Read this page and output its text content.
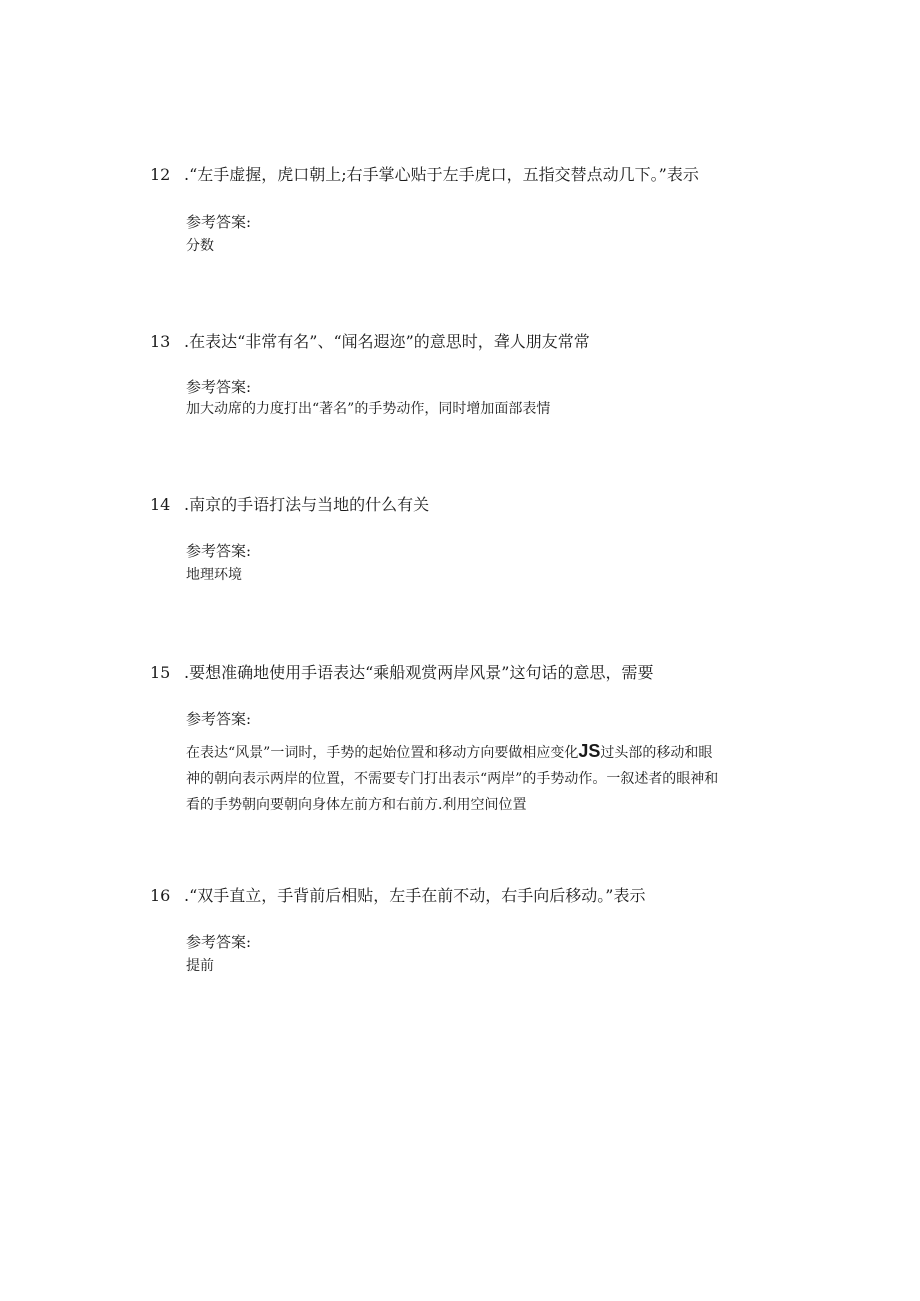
12 .“左手虚握，虎口朝上;右手掌心贴于左手虎口，五指交替点动几下。”表示
参考答案:
分数
13 .在表达“非常有名”、“闻名遐迩”的意思时，聋人朋友常常
参考答案:
加大动席的力度打出“著名”的手势动作，同时增加面部表情
14 .南京的手语打法与当地的什么有关
参考答案:
地理环境
15 .要想准确地使用手语表达“乘船观赏两岸风景”这句话的意思，需要
参考答案:
在表达“风景”一词时，手势的起始位置和移动方向要做相应变化JS过头部的移动和眼
神的朝向表示两岸的位置，不需要专门打出表示“两岸”的手势动作。一叙述者的眼神和
看的手势朝向要朝向身体左前方和右前方.利用空间位置
16 .“双手直立，手背前后相贴，左手在前不动，右手向后移动。”表示
参考答案:
提前
